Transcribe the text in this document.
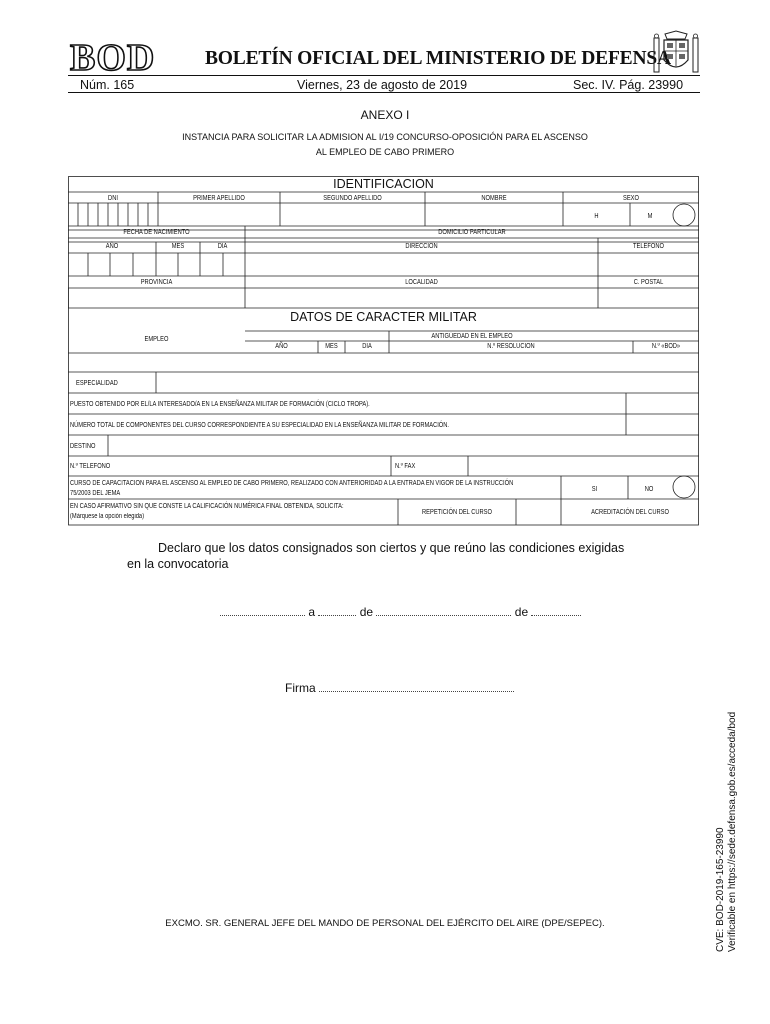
BOD	BOLETÍN OFICIAL DEL MINISTERIO DE DEFENSA
Núm. 165	Viernes, 23 de agosto de 2019	Sec. IV. Pág. 23990
ANEXO I
INSTANCIA PARA SOLICITAR LA ADMISION AL I/19 CONCURSO-OPOSICIÓN PARA EL ASCENSO
AL EMPLEO DE CABO PRIMERO
IDENTIFICACION
DNI	PRIMER APELLIDO	SEGUNDO APELLIDO	NOMBRE	SEXO
H	M
FECHA DE NACIMIENTO
AÑO	MES	DIA
DOMICILIO PARTICULAR
DIRECCION	TELEFONO
PROVINCIA	LOCALIDAD	C. POSTAL
DATOS DE CARACTER MILITAR
EMPLEO	ANTIGÜEDAD EN EL EMPLEO
AÑO	MES	DIA	N.º RESOLUCION	N.º «BOD»
ESPECIALIDAD
PUESTO OBTENIDO POR EL/LA INTERESADO/A EN LA ENSEÑANZA MILITAR DE FORMACIÓN (CICLO TROPA).
NÚMERO TOTAL DE COMPONENTES DEL CURSO CORRESPONDIENTE A SU ESPECIALIDAD EN LA ENSEÑANZA MILITAR DE FORMACIÓN.
DESTINO
N.º TELEFONO	N.º FAX
CURSO DE CAPACITACION PARA EL ASCENSO AL EMPLEO DE CABO PRIMERO, REALIZADO CON ANTERIORIDAD A LA ENTRADA EN VIGOR DE LA INSTRUCCIÓN
75/2003 DEL JEMA
SI	NO
EN CASO AFIRMATIVO SIN QUE CONSTE LA CALIFICACIÓN NUMÉRICA FINAL OBTENIDA, SOLICITA:
(Márquese la opción elegida)
REPETICIÓN DEL CURSO	ACREDITACIÓN DEL CURSO
Declaro que los datos consignados son ciertos y que reúno las condiciones exigidas
en la convocatoria
a	de	de
Firma
EXCMO. SR. GENERAL JEFE DEL MANDO DE PERSONAL DEL EJÉRCITO DEL AIRE (DPE/SEPEC).	CVE: BOD-2019-165-23990 Verificable en https://sede.defensa.gob.es/acceda/bod
